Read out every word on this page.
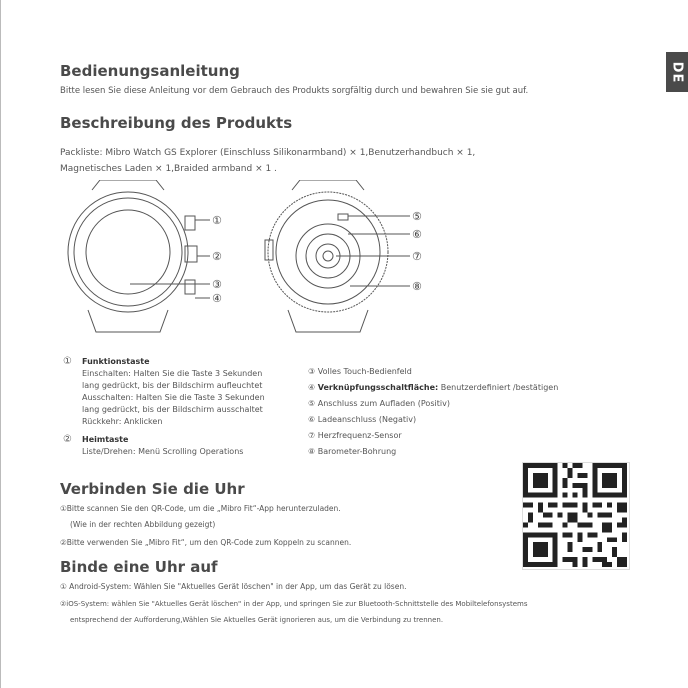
DE
Bedienungsanleitung
Bitte lesen Sie diese Anleitung vor dem Gebrauch des Produkts sorgfältig durch und bewahren Sie sie gut auf.
Beschreibung des Produkts
Packliste: Mibro Watch GS Explorer (Einschluss Silikonarmband) × 1,Benutzerhandbuch × 1,
Magnetisches Laden × 1,Braided armband × 1 .
①
②
③
④
⑤
⑥
⑦
⑧
① Funktionstaste
Einschalten: Halten Sie die Taste 3 Sekunden
lang gedrückt, bis der Bildschirm aufleuchtet
Ausschalten: Halten Sie die Taste 3 Sekunden
lang gedrückt, bis der Bildschirm ausschaltet
Rückkehr: Anklicken
② Heimtaste
Liste/Drehen: Menü Scrolling Operations
③ Volles Touch-Bedienfeld
④ Verknüpfungsschaltfläche: Benutzerdefiniert /bestätigen
⑤ Anschluss zum Aufladen (Positiv)
⑥ Ladeanschluss (Negativ)
⑦ Herzfrequenz-Sensor
⑧ Barometer-Bohrung
Verbinden Sie die Uhr
①Bitte scannen Sie den QR-Code, um die „Mibro Fit“-App herunterzuladen.
(Wie in der rechten Abbildung gezeigt)
②Bitte verwenden Sie „Mibro Fit“, um den QR-Code zum Koppeln zu scannen.
Binde eine Uhr auf
① Android-System: Wählen Sie "Aktuelles Gerät löschen" in der App, um das Gerät zu lösen.
②iOS-System: wählen Sie "Aktuelles Gerät löschen" in der App, und springen Sie zur Bluetooth-Schnittstelle des Mobiltelefonsystems
entsprechend der Aufforderung,Wählen Sie Aktuelles Gerät ignorieren aus, um die Verbindung zu trennen.
